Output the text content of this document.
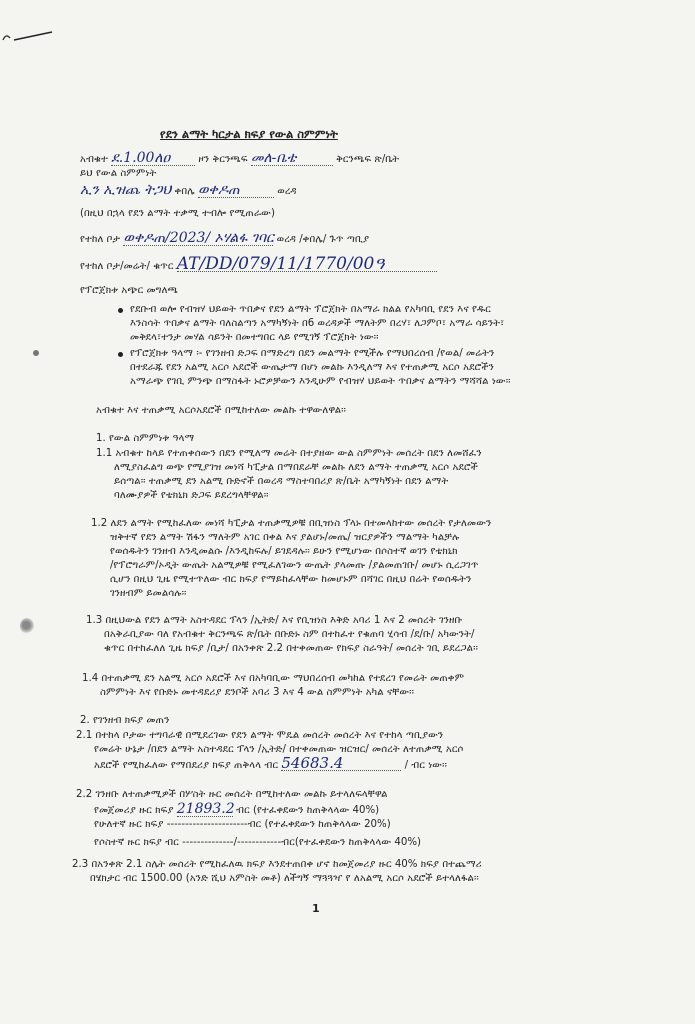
የደን ልማት ካርታል ክፍያ የውል ስምምነት
አብቁተ ደ.1.00ለዐ	ዞን ቅርንጫፍ መለ-ቤቴ	ቅርንጫፍ ጽ/ቤት
ይህ የውል ስምምነት
ኢን ኢዝጨ ትጋህ ቀበሌ ወቀዶጠ	ወረዳ
(በዚህ በኋላ የደን ልማት ተቃሚ ተብሎ የሚጠራው)
የተከለ ቦታ ወቀዶጠ/2023/ ኦሃልፋ ገባር ወረዳ /ቀበሌ/ ጉጥ ጣቢያ
የተከለ ቦታ/መሬት/ ቁጥር AT/DD/079/11/1770/00ዓ
የፕሮጀክቱ አጭር መግለጫ
የደቡብ ወሎ የብዝሃ ህይወት ጥበቃና የደን ልማት ፕሮጀክት በአማራ ክልል የአካባቢ የደን እና የዱር
እንስሳት ጥበቃና ልማት ባለስልጣን አማካኝነት በ6 ወረዳዎች ማለትም በረሃ፣ ለጋምቦ፣ አማራ ሳይንት፣
መቅደላ፣ተንታ መሃል ሳይንት በመተግበር ላይ የሚገኝ ፕሮጀክት ነው፡፡
የፕሮጀክቱ ዓላማ ፡- የገንዘብ ድጋፍ በማድረግ በደን መልማት የሚችሉ የማህበረሰብ /የወል/ መሬትን
በተደራጁ የደን አልሚ አርሶ አደሮች ውጤታማ በሆነ መልኩ እንዲለማ እና የተጠቃሚ አርሶ አደሮችን
አማራጭ የገቢ ምንጭ በማስፋት ኑሮዎቻውን እንዲሁም የብዝሃ ህይወት ጥበቃና ልማትን ማሻሻል ነው፡፡
አብቁተ እና ተጠቃሚ አርሶአደሮች በሚከተለው መልኩ ተዋውለዋል፡፡
1. የውል ስምምነቱ ዓላማ
1.1 አብቁተ ከላይ የተጠቀሰውን በደን የሚለማ መሬት በተያዘው ውል ስምምነት መሰረት በደን ለመሸፈን
ለሚያስፈልግ ወጭ የሚያገዝ መነሻ ካፒታል በማበደራቸ መልኩ ለደን ልማት ተጠቃሚ አርሶ አደሮች
ይሰጣል፡፡ ተጠቃሚ ደን አልሚ ቡድኖች በወረዳ ማስተባበሪያ ጽ/ቤት አማካኝነት በደን ልማት
ባለሙያዎች የቴክኒክ ድጋፍ ይደረግላቸዋል፡፡
1.2 ለደን ልማት የሚከፈለው መነሻ ካፒታል ተጠቃሚዎቹ በቢዝነስ ፕላኑ በተመላከተው መሰረት የታለመውን
ዝቅተኛ የደን ልማት ሽፋን ማለትም አገር በቀል እና ያልሆኑ/መጤ/ ዝርያዎችን ማልማት ካልቻሉ
የወሰዱትን ገንዘብ እንዲመልሱ /እንዲከፍሉ/ ይገደዳሉ፡፡ ይሁን የሚሆነው በሶስተኛ ወገን የቴክኒክ
/የፕሮግራም/ኦዲት ውጤት አልሚዎቹ የሚፈለገውን ውጤት ያላመጡ /ያልመጠገቡ/ መሆኑ ሲረጋገጥ
ሲሆን በዚህ ጊዜ የሚተጥለው ብር ክፍያ የማይከፈላቸው ከመሆኑም በሻገር በዚህ በሬት የወሰዱትን
ገንዘብም ይመልሳሉ፡፡
1.3 በዚህውል የደን ልማት አስተዳደር ፕላን /ኢትድ/ እና የቢዝነስ እቅድ አባሪ 1 እና 2 መሰረት ገንዘቡ
በአቅራቢያው ባለ የአብቁተ ቅርንጫፍ ጽ/ቤት በቡድኑ ስም በተከፈተ የቁጠባ ሂሳብ /ደ/ቡ/ አካውንት/
ቁጥር በተከፈለለ ጊዜ ክፍያ /ቢታ/ በአንቀጽ 2.2 በተቀመጠው የክፍያ ስራዓት/ መሰረት ገቢ ይደረጋል፡፡
1.4 በተጠቃሚ ደን አልሚ አርሶ አደሮች እና በአካባቢው ማህበረሰብ መካከል የተደረገ የመሬት መጠቀም
ስምምነት እና የቡድኑ መተዳደሪያ ደንቦች አባሪ 3 እና 4 ውል ስምምነት አካል ናቸው፡፡
2. የገንዘብ ክፍያ መጠን
2.1 በተከላ ቦታው ተግባራዊ በሚደረገው የደን ልማት ሞዴል መሰረት መሰረት እና የተከላ ጣቢያውን
የመሬት ሁኔታ /በደን ልማት አስተዳደር ፕላን /ኢትድ/ በተቀመጠው ዝርዝር/ መሰረት ለተጠቃሚ አርሶ
አደሮች የሚከፈለው የማበደሪያ ክፍያ ጠቅላላ ብር 54683.4	/ ብር ነው፡፡
2.2 ገንዘቡ ለተጠቃሚዎች በሦስት ዙር መሰረት በሚከተለው መልኩ ይተላለፍላቸዋል
የመጀመሪያ ዙር ክፍያ 21893.2 ብር (የተፈቀደውን ከጠቅላላው 40%)
የሁለተኛ ዙር ክፍያ ----------------------ብር (የተፈቀደውን ከጠቅላላው 20%)
የሶስተኛ ዙር ክፍያ ብር --------------/------------ብር(የተፈቀደውን ከጠቅላላው 40%)
2.3 በአንቀጽ 2.1 ስሌት መሰረት የሚከፈለዉ ክፍያ እንደተጠበቀ ሆኖ ከመጀመሪያ ዙር 40% ክፍያ በተጨማሪ
በሄክታር ብር 1500.00 (አንድ ሺህ አምስት መቶ) ለችግኝ ማጓጓዣ የ ለአልሚ አርሶ አደሮች ይተላለፋል፡፡
1
